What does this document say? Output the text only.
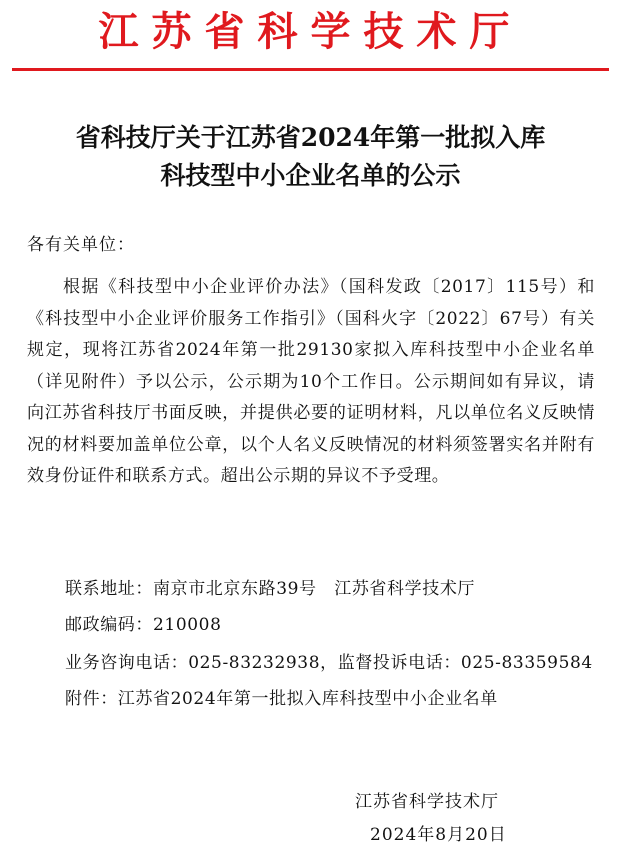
江苏省科学技术厅
省科技厅关于江苏省2024年第一批拟入库
科技型中小企业名单的公示
各有关单位：
根据《科技型中小企业评价办法》（国科发政〔2017〕115号）和《科技型中小企业评价服务工作指引》（国科火字〔2022〕67号）有关规定，现将江苏省2024年第一批29130家拟入库科技型中小企业名单（详见附件）予以公示，公示期为10个工作日。公示期间如有异议，请向江苏省科技厅书面反映，并提供必要的证明材料，凡以单位名义反映情况的材料要加盖单位公章，以个人名义反映情况的材料须签署实名并附有效身份证件和联系方式。超出公示期的异议不予受理。
联系地址：南京市北京东路39号　江苏省科学技术厅
邮政编码：210008
业务咨询电话：025-83232938，监督投诉电话：025-83359584
附件：江苏省2024年第一批拟入库科技型中小企业名单
江苏省科学技术厅
2024年8月20日
